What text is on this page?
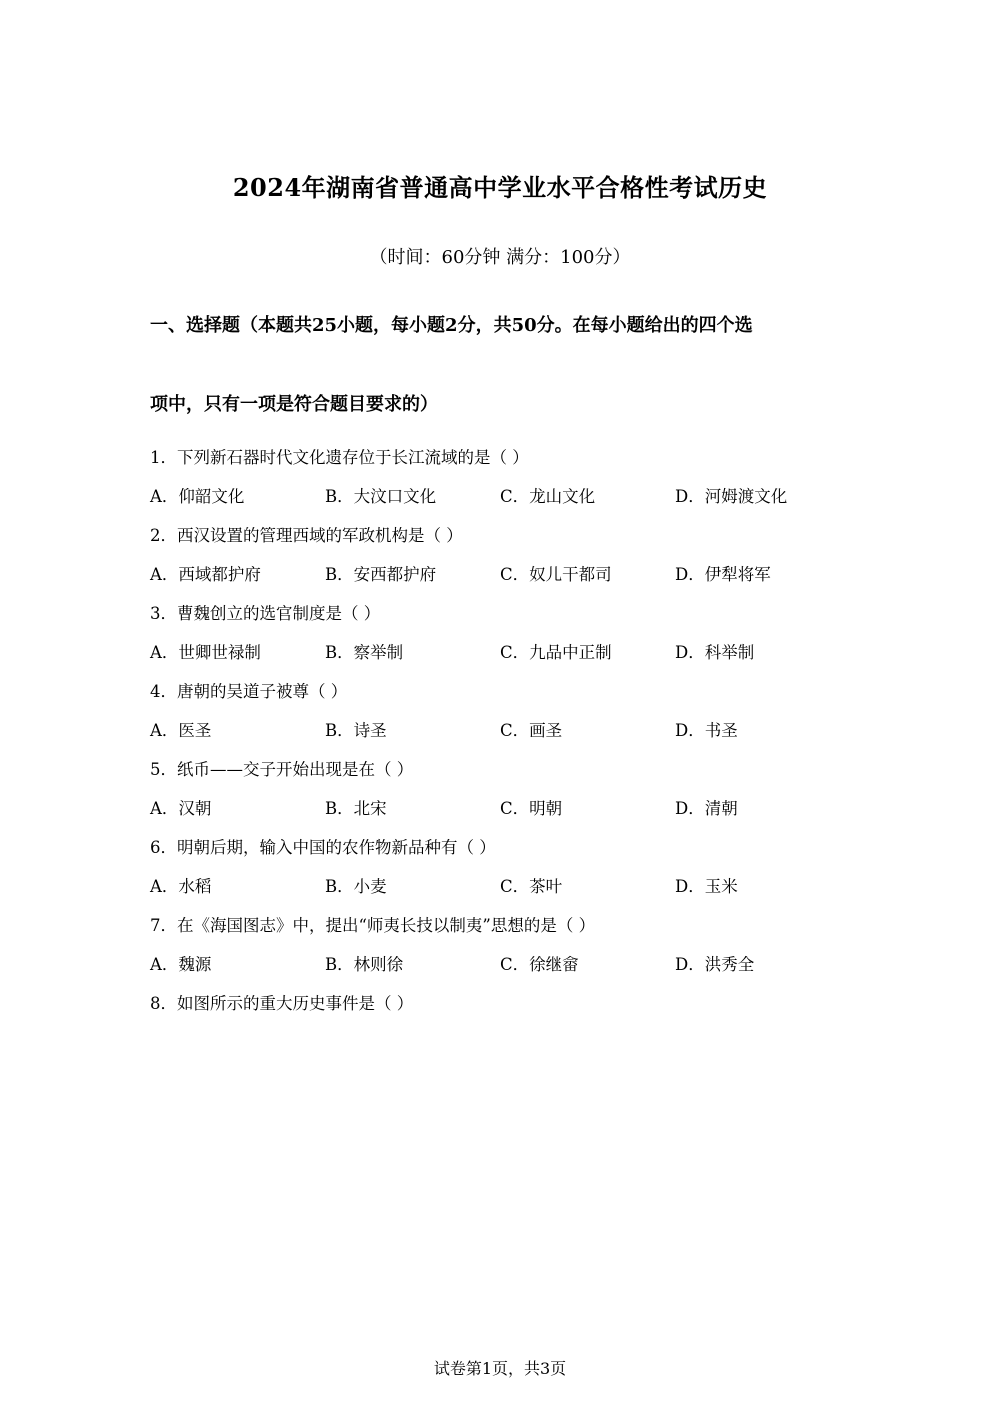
2024年湖南省普通高中学业水平合格性考试历史
（时间：60分钟 满分：100分）
一、选择题（本题共25小题，每小题2分，共50分。在每小题给出的四个选
项中，只有一项是符合题目要求的）
1．下列新石器时代文化遗存位于长江流域的是（ ）
A．仰韶文化	B．大汶口文化	C．龙山文化	D．河姆渡文化
2．西汉设置的管理西域的军政机构是（ ）
A．西域都护府	B．安西都护府	C．奴儿干都司	D．伊犁将军
3．曹魏创立的选官制度是（ ）
A．世卿世禄制	B．察举制	C．九品中正制	D．科举制
4．唐朝的吴道子被尊（ ）
A．医圣	B．诗圣	C．画圣	D．书圣
5．纸币——交子开始出现是在（ ）
A．汉朝	B．北宋	C．明朝	D．清朝
6．明朝后期，输入中国的农作物新品种有（ ）
A．水稻	B．小麦	C．茶叶	D．玉米
7．在《海国图志》中，提出“师夷长技以制夷”思想的是（ ）
A．魏源	B．林则徐	C．徐继畲	D．洪秀全
8．如图所示的重大历史事件是（ ）
试卷第1页，共3页
